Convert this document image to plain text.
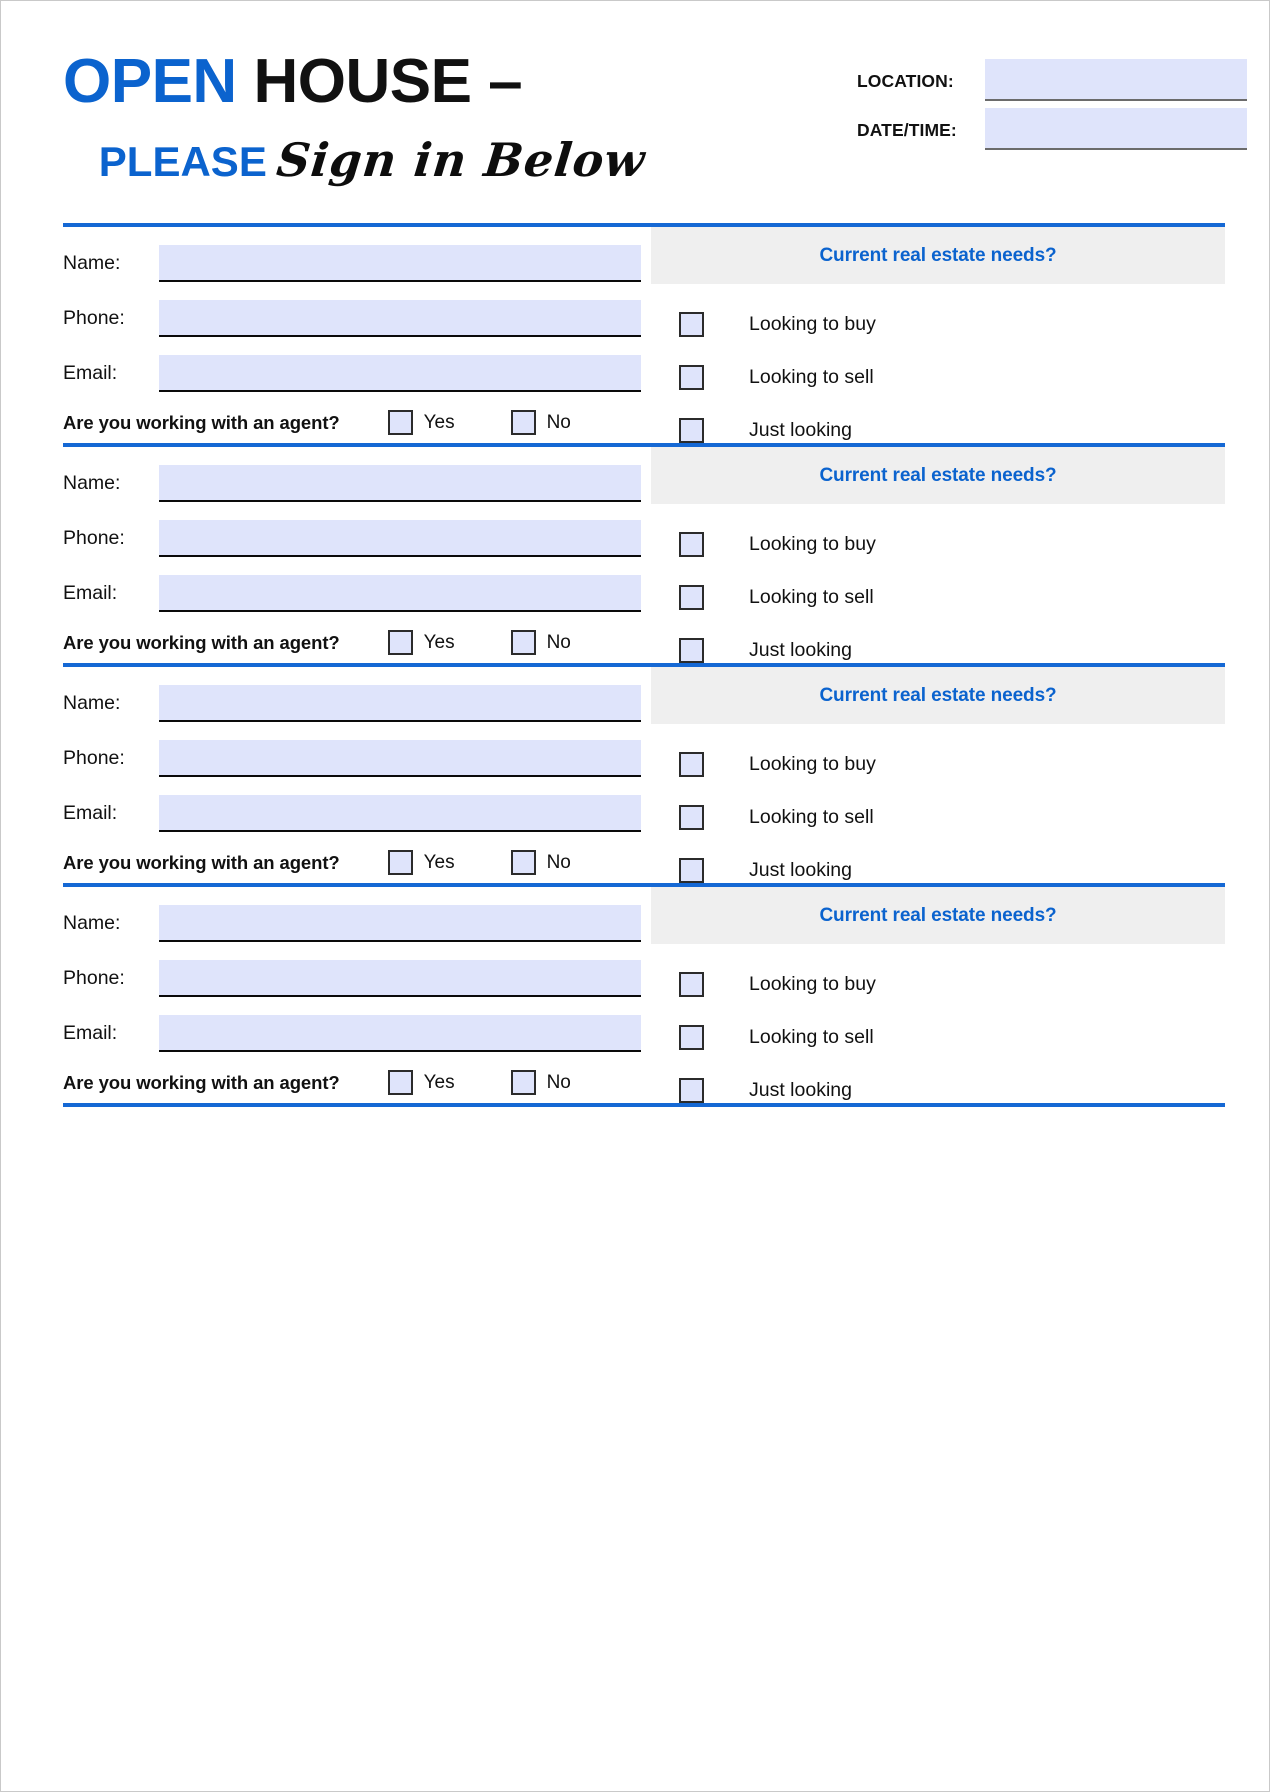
OPEN HOUSE –
PLEASE Sign in Below
LOCATION:
DATE/TIME:
Name:
Phone:
Email:
Are you working with an agent?	Yes	No
Current real estate needs?
Looking to buy
Looking to sell
Just looking
Name:
Phone:
Email:
Are you working with an agent?	Yes	No
Current real estate needs?
Looking to buy
Looking to sell
Just looking
Name:
Phone:
Email:
Are you working with an agent?	Yes	No
Current real estate needs?
Looking to buy
Looking to sell
Just looking
Name:
Phone:
Email:
Are you working with an agent?	Yes	No
Current real estate needs?
Looking to buy
Looking to sell
Just looking
